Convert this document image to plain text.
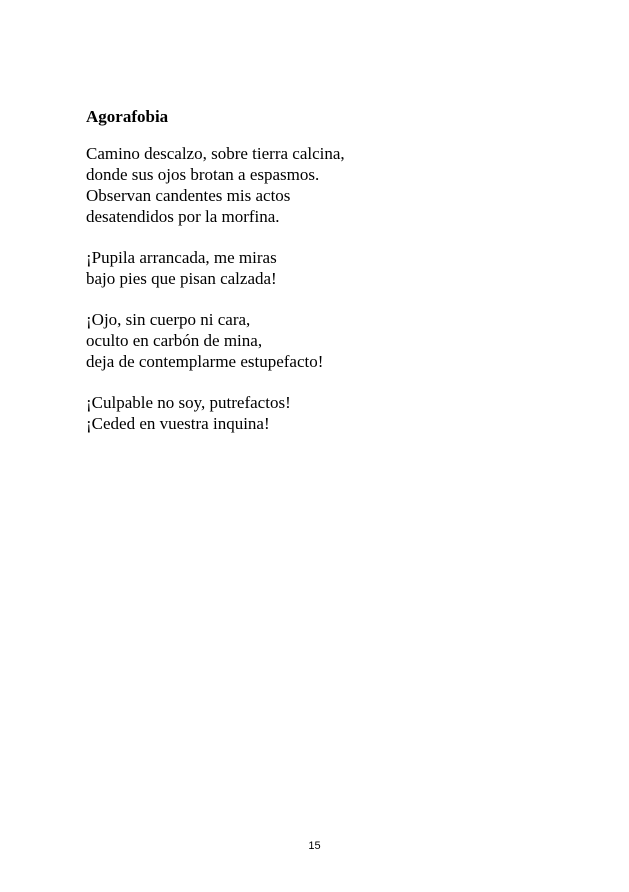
Agorafobia
Camino descalzo, sobre tierra calcina,
donde sus ojos brotan a espasmos.
Observan candentes mis actos
desatendidos por la morfina.
¡Pupila arrancada, me miras
bajo pies que pisan calzada!
¡Ojo, sin cuerpo ni cara,
oculto en carbón de mina,
deja de contemplarme estupefacto!
¡Culpable no soy, putrefactos!
¡Ceded en vuestra inquina!
15
